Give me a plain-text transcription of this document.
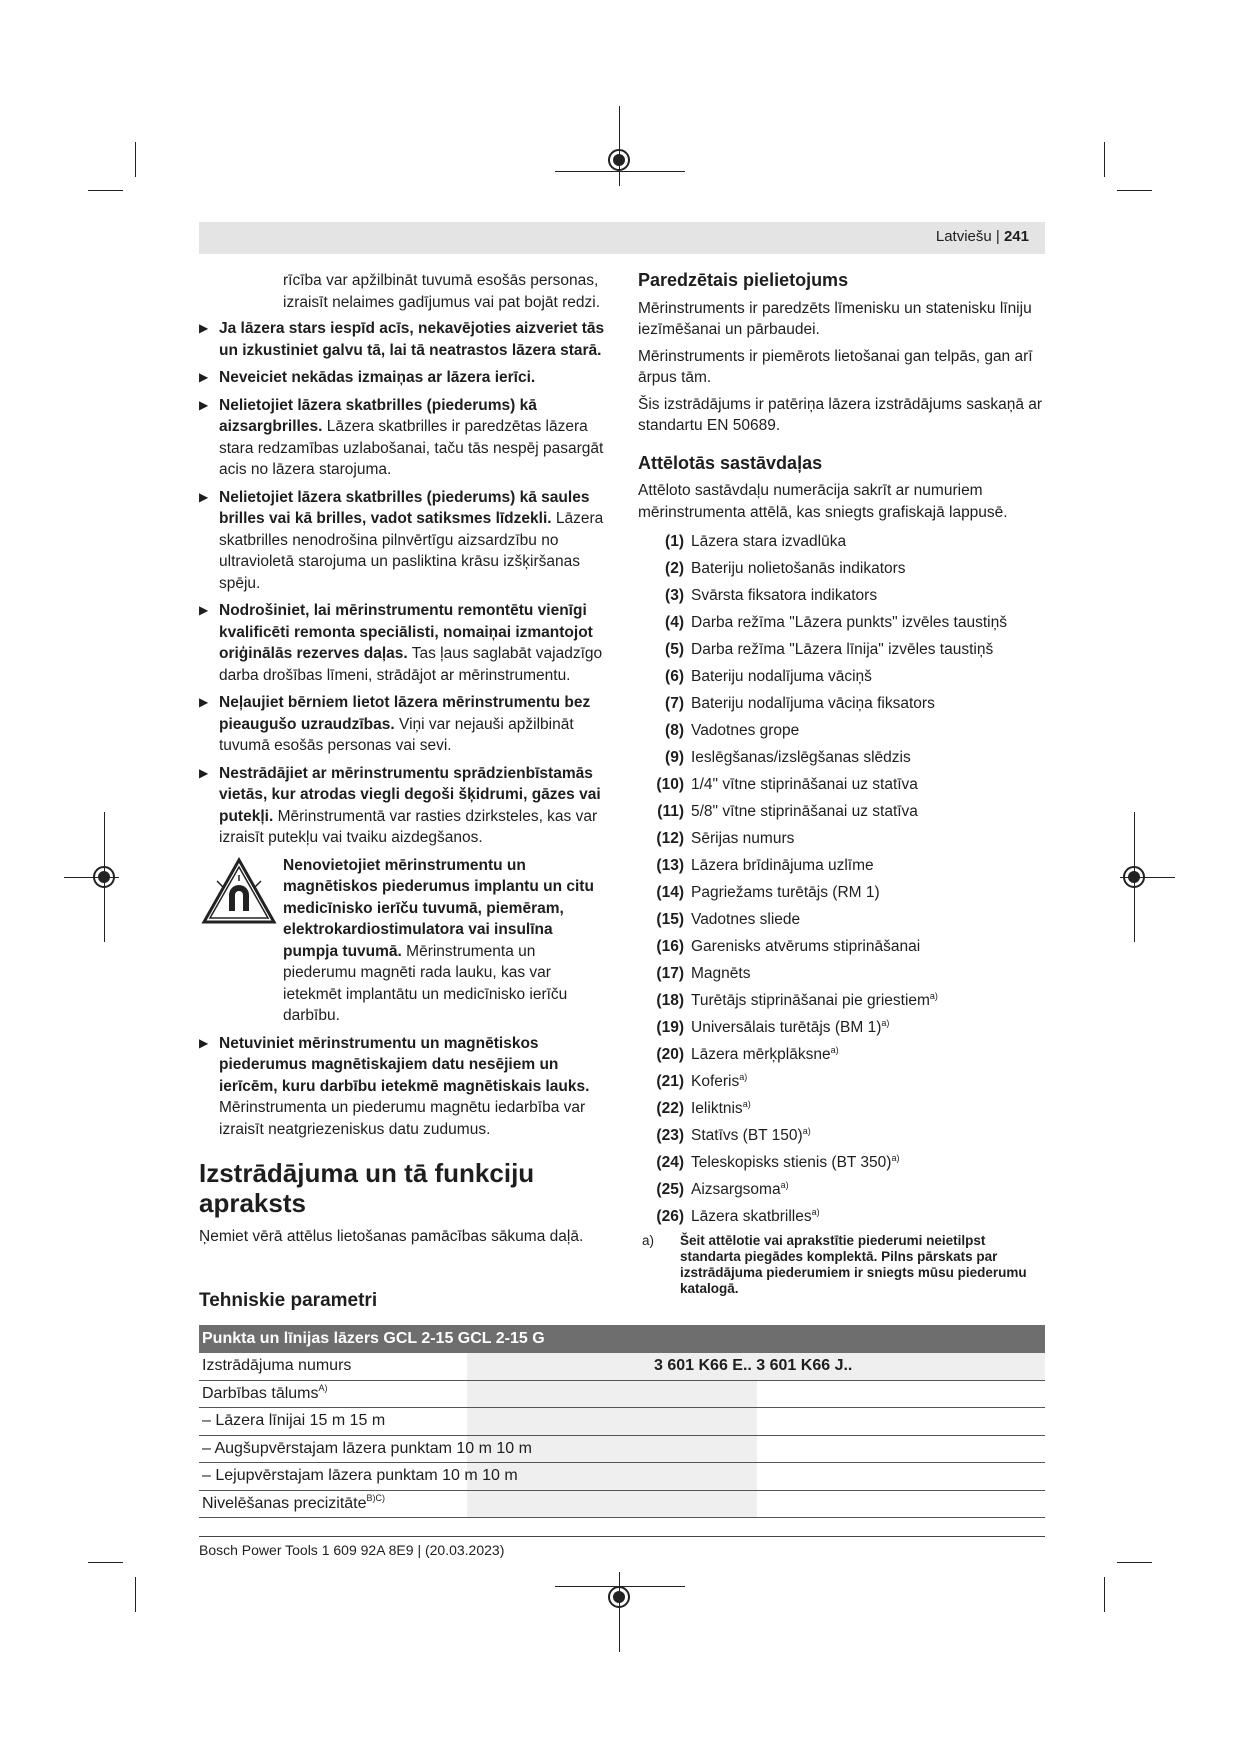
Latviešu | 241

rīcība var apžilbināt tuvumā esošās personas, izraisīt nelaimes gadījumus vai pat bojāt redzi.

▶ Ja lāzera stars iespīd acīs, nekavējoties aizveriet tās un izkustiniet galvu tā, lai tā neatrastos lāzera starā.
▶ Neveiciet nekādas izmaiņas ar lāzera ierīci.
▶ Nelietojiet lāzera skatbrilles (piederums) kā aizsargbrilles. Lāzera skatbrilles ir paredzētas lāzera stara redzamības uzlabošanai, taču tās nespēj pasargāt acis no lāzera starojuma.
▶ Nelietojiet lāzera skatbrilles (piederums) kā saules brilles vai kā brilles, vadot satiksmes līdzekli. Lāzera skatbrilles nenodrošina pilnvērtīgu aizsardzību no ultravioletā starojuma un pasliktina krāsu izšķiršanas spēju.
▶ Nodrošiniet, lai mērinstrumentu remontētu vienīgi kvalificēti remonta speciālisti, nomaiņai izmantojot oriģinālās rezerves daļas. Tas ļaus saglabāt vajadzīgo darba drošības līmeni, strādājot ar mērinstrumentu.
▶ Neļaujiet bērniem lietot lāzera mērinstrumentu bez pieaugušo uzraudzības. Viņi var nejauši apžilbināt tuvumā esošās personas vai sevi.
▶ Nestrādājiet ar mērinstrumentu sprādzienbīstamās vietās, kur atrodas viegli degoši šķidrumi, gāzes vai putekļi. Mērinstrumentā var rasties dzirksteles, kas var izraisīt putekļu vai tvaiku aizdegšanos.
Nenovietojiet mērinstrumentu un magnētiskos piederumus implantu un citu medicīnisko ierīču tuvumā, piemēram, elektrokardiostimulatora vai insulīna pumpja tuvumā. Mērinstrumenta un piederumu magnēti rada lauku, kas var ietekmēt implantātu un medicīnisko ierīču darbību.
▶ Netuviniet mērinstrumentu un magnētiskos piederumus magnētiskajiem datu nesējiem un ierīcēm, kuru darbību ietekmē magnētiskais lauks. Mērinstrumenta un piederumu magnētu iedarbība var izraisīt neatgriezeniskus datu zudumus.
Izstrādājuma un tā funkciju apraksts

Ņemiet vērā attēlus lietošanas pamācības sākuma daļā.

Paredzētais pielietojums

Mērinstruments ir paredzēts līmenisku un statenisku līniju iezīmēšanai un pārbaudei.

Mērinstruments ir piemērots lietošanai gan telpās, gan arī ārpus tām.

Šis izstrādājums ir patēriņa lāzera izstrādājums saskaņā ar standartu EN 50689.

Attēlotās sastāvdaļas

Attēloto sastāvdaļu numerācija sakrīt ar numuriem mērinstrumenta attēlā, kas sniegts grafiskajā lappusē.

(1) Lāzera stara izvadlūka
(2) Bateriju nolietošanās indikators
(3) Svārsta fiksatora indikators
(4) Darba režīma "Lāzera punkts" izvēles taustiņš
(5) Darba režīma "Lāzera līnija" izvēles taustiņš
(6) Bateriju nodalījuma vāciņš
(7) Bateriju nodalījuma vāciņa fiksators
(8) Vadotnes grope
(9) Ieslēgšanas/izslēgšanas slēdzis
(10) 1/4" vītne stiprināšanai uz statīva
(11) 5/8" vītne stiprināšanai uz statīva
(12) Sērijas numurs
(13) Lāzera brīdinājuma uzlīme
(14) Pagriežams turētājs (RM 1)
(15) Vadotnes sliede
(16) Garenisks atvērums stiprināšanai
(17) Magnēts
(18) Turētājs stiprināšanai pie griestiem$^{a)}$
(19) Universālais turētājs (BM 1)$^{a)}$
(20) Lāzera mērķplāksne$^{a)}$
(21) Koferis$^{a)}$
(22) Ieliktnis$^{a)}$
(23) Statīvs (BT 150)$^{a)}$
(24) Teleskopisks stienis (BT 350)$^{a)}$
(25) Aizsargsoma$^{a)}$
(26) Lāzera skatbrilles$^{a)}$
a) Šeit attēlotie vai aprakstītie piederumi neietilpst standarta piegādes komplektā. Pilns pārskats par izstrādājuma piederumiem ir sniegts mūsu piederumu katalogā.
Tehniskie parametri
Punkta un līnijas lāzers GCL 2-15 GCL 2-15 G
Izstrādājuma numurs	3 601 K66 E.. 3 601 K66 J..
Darbības tālums$^{A)}$
– Lāzera līnijai 15 m 15 m
– Augšupvērstajam lāzera punktam 10 m 10 m
– Lejupvērstajam lāzera punktam 10 m 10 m
Nivelēšanas precizitāte$^{B)C)}$
Bosch Power Tools 1 609 92A 8E9 | (20.03.2023)
